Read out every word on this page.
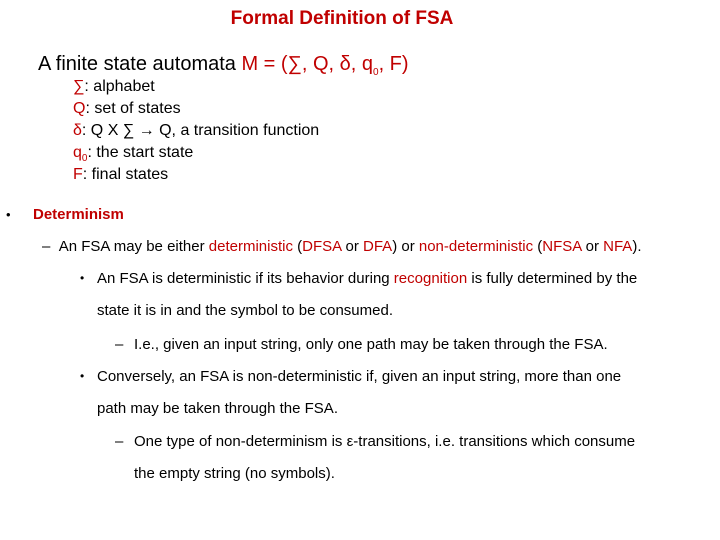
Formal Definition of FSA
A finite state automata M = (∑, Q, δ, $q_0$, F)
∑: alphabet
Q: set of states
δ: Q X ∑ → Q, a transition function
$q_0$: the start state
F: final states
• Determinism
– An FSA may be either deterministic (DFSA or DFA) or non-deterministic (NFSA or NFA).
• An FSA is deterministic if its behavior during recognition is fully determined by the
state it is in and the symbol to be consumed.
– I.e., given an input string, only one path may be taken through the FSA.
• Conversely, an FSA is non-deterministic if, given an input string, more than one
path may be taken through the FSA.
– One type of non-determinism is ε-transitions, i.e. transitions which consume
the empty string (no symbols).
